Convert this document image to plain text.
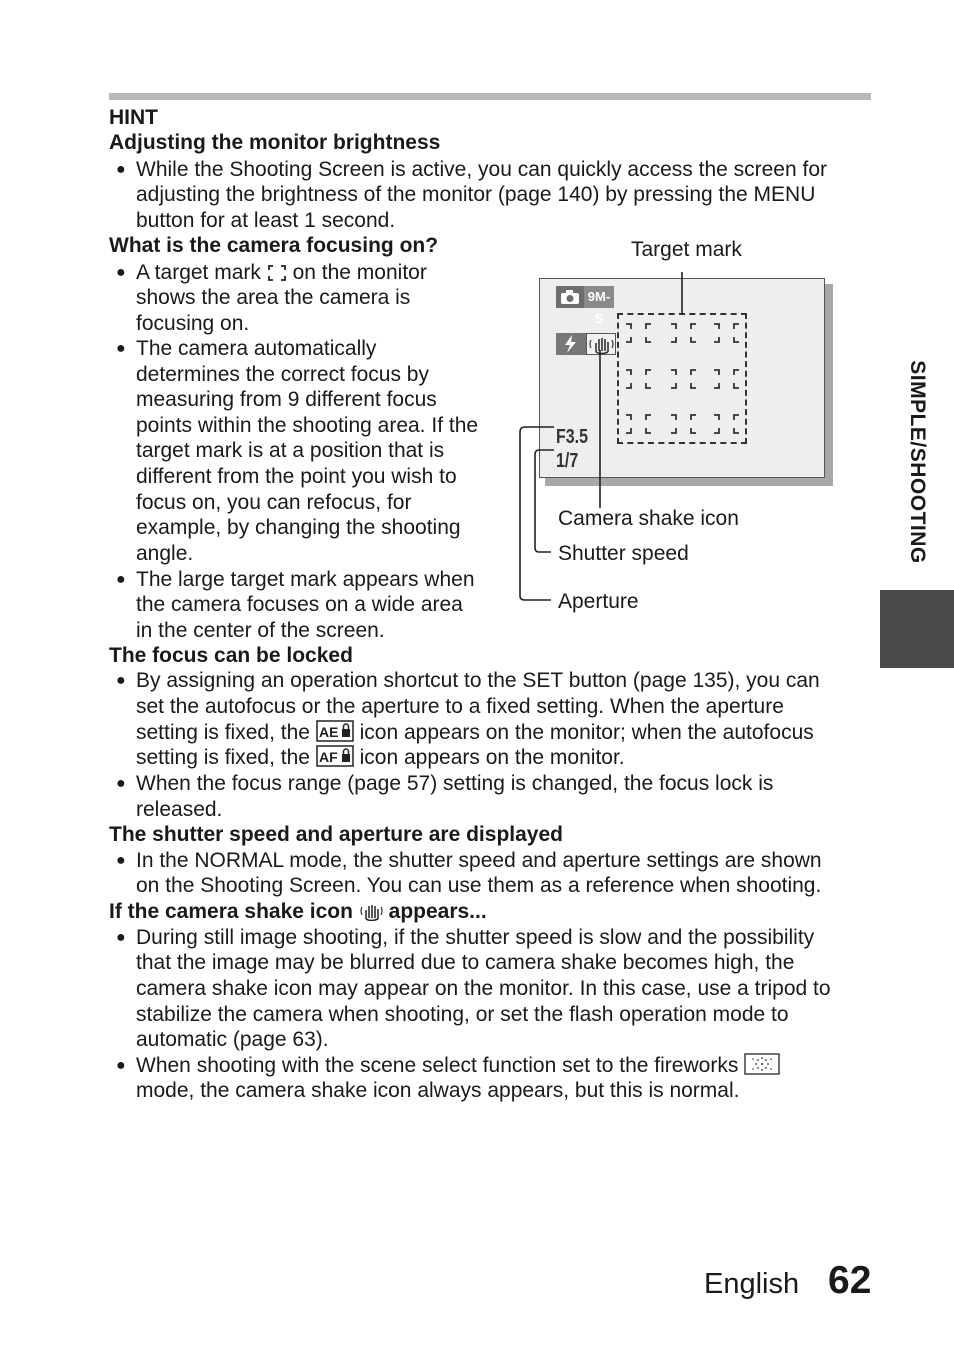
HINT
Adjusting the monitor brightness
● While the Shooting Screen is active, you can quickly access the screen for
adjusting the brightness of the monitor (page 140) by pressing the MENU
button for at least 1 second.
What is the camera focusing on?
● A target mark on the monitor
shows the area the camera is
focusing on.
● The camera automatically
determines the correct focus by
measuring from 9 different focus
points within the shooting area. If the
target mark is at a position that is
different from the point you wish to
focus on, you can refocus, for
example, by changing the shooting
angle.
● The large target mark appears when
the camera focuses on a wide area
in the center of the screen.
9M-S
F3.5
1/7
Target mark
Camera shake icon
Shutter speed
Aperture
The focus can be locked
● By assigning an operation shortcut to the SET button (page 135), you can
set the autofocus or the aperture to a fixed setting. When the aperture
setting is fixed, the AE icon appears on the monitor; when the autofocus
setting is fixed, the AF icon appears on the monitor.
● When the focus range (page 57) setting is changed, the focus lock is
released.
The shutter speed and aperture are displayed
● In the NORMAL mode, the shutter speed and aperture settings are shown
on the Shooting Screen. You can use them as a reference when shooting.
If the camera shake icon appears...
● During still image shooting, if the shutter speed is slow and the possibility
that the image may be blurred due to camera shake becomes high, the
camera shake icon may appear on the monitor. In this case, use a tripod to
stabilize the camera when shooting, or set the flash operation mode to
automatic (page 63).
● When shooting with the scene select function set to the fireworks
mode, the camera shake icon always appears, but this is normal.
SIMPLE/SHOOTING
English 62
